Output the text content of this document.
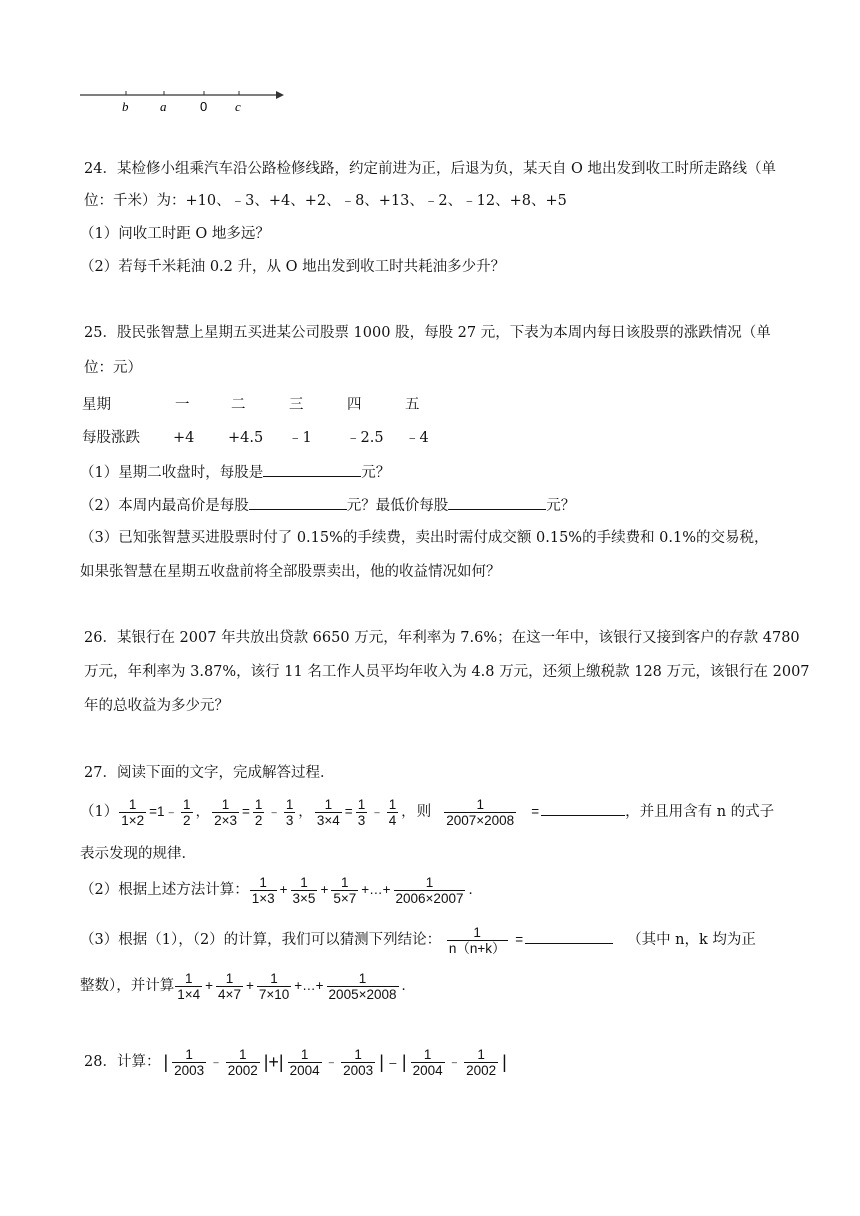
b a	0 c
24．某检修小组乘汽车沿公路检修线路，约定前进为正，后退为负，某天自 O 地出发到收工时所走路线（单
位：千米）为：+10、﹣3、+4、+2、﹣8、+13、﹣2、﹣12、+8、+5
（1）问收工时距 O 地多远？
（2）若每千米耗油 0.2 升，从 O 地出发到收工时共耗油多少升？
25．股民张智慧上星期五买进某公司股票 1000 股，每股 27 元，下表为本周内每日该股票的涨跌情况（单
位：元）
星期	一	二	三	四	五
每股涨跌 +4 +4.5 ﹣1 ﹣2.5 ﹣4
（1）星期二收盘时，每股是	元？
（2）本周内最高价是每股	元？最低价每股	元？
（3）已知张智慧买进股票时付了 0.15%的手续费，卖出时需付成交额 0.15%的手续费和 0.1%的交易税，
如果张智慧在星期五收盘前将全部股票卖出，他的收益情况如何？
26．某银行在 2007 年共放出贷款 6650 万元，年利率为 7.6%；在这一年中，该银行又接到客户的存款 4780
万元，年利率为 3.87%，该行 11 名工作人员平均年收入为 4.8 万元，还须上缴税款 128 万元，该银行在 2007
年的总收益为多少元？
27．阅读下面的文字，完成解答过程．
$(1) \frac{1}{1\times 2}$ =1﹣ $\frac{1}{2}$ ， $\frac{1}{2\times 3} = \frac{1}{2}$ ﹣ $\frac{1}{3}$ ， $\frac{1}{3\times 4} = \frac{1}{3}$ ﹣ $\frac{1}{4}$ ， 则 $\frac{1}{2007\times 2008}$ =	，并且用含有 n 的式子
表示发现的规律．
（2）根据上述方法计算： $\frac{1}{1\times 3} + \frac{1}{3\times 5} + \frac{1}{5\times 7}$ +…+ $\frac{1}{2006\times 2007}$ ．
（3）根据（1），（2）的计算，我们可以猜测下列结论： $\frac{1}{n(n+k)}$ =	（其中 n，k 均为正
整数），并计算 $\frac{1}{1\times 4} + \frac{1}{4\times 7} + \frac{1}{7\times 10}$ +…+ $\frac{1}{2005\times 2008}$ ．
28．计算： | $\frac{1}{2003}$ ﹣ $\frac{1}{2002}$ |+| $\frac{1}{2004}$ ﹣ $\frac{1}{2003}$ |﹣| $\frac{1}{2004}$ ﹣ $\frac{1}{2002}$ |
